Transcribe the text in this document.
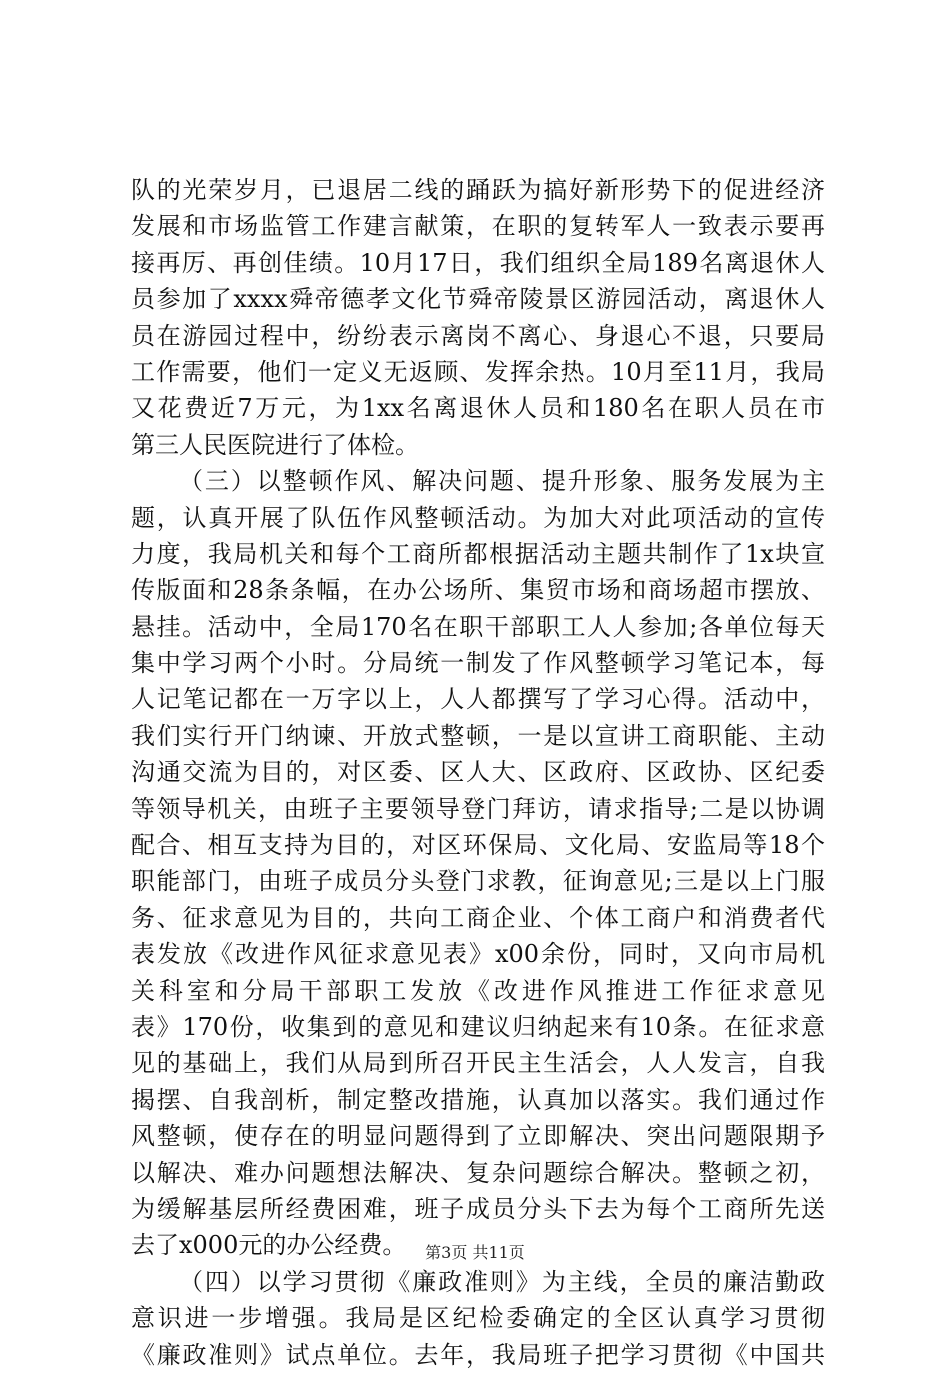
队的光荣岁月，已退居二线的踊跃为搞好新形势下的促进经济
发展和市场监管工作建言献策，在职的复转军人一致表示要再
接再厉、再创佳绩。10月17日，我们组织全局189名离退休人
员参加了xxxx舜帝德孝文化节舜帝陵景区游园活动，离退休人
员在游园过程中，纷纷表示离岗不离心、身退心不退，只要局
工作需要，他们一定义无返顾、发挥余热。10月至11月，我局
又花费近7万元，为1xx名离退休人员和180名在职人员在市
第三人民医院进行了体检。
（三）以整顿作风、解决问题、提升形象、服务发展为主
题，认真开展了队伍作风整顿活动。为加大对此项活动的宣传
力度，我局机关和每个工商所都根据活动主题共制作了1x块宣
传版面和28条条幅，在办公场所、集贸市场和商场超市摆放、
悬挂。活动中，全局170名在职干部职工人人参加;各单位每天
集中学习两个小时。分局统一制发了作风整顿学习笔记本，每
人记笔记都在一万字以上，人人都撰写了学习心得。活动中，
我们实行开门纳谏、开放式整顿，一是以宣讲工商职能、主动
沟通交流为目的，对区委、区人大、区政府、区政协、区纪委
等领导机关，由班子主要领导登门拜访，请求指导;二是以协调
配合、相互支持为目的，对区环保局、文化局、安监局等18个
职能部门，由班子成员分头登门求教，征询意见;三是以上门服
务、征求意见为目的，共向工商企业、个体工商户和消费者代
表发放《改进作风征求意见表》x00余份，同时，又向市局机
关科室和分局干部职工发放《改进作风推进工作征求意见
表》170份，收集到的意见和建议归纳起来有10条。在征求意
见的基础上，我们从局到所召开民主生活会，人人发言，自我
揭摆、自我剖析，制定整改措施，认真加以落实。我们通过作
风整顿，使存在的明显问题得到了立即解决、突出问题限期予
以解决、难办问题想法解决、复杂问题综合解决。整顿之初，
为缓解基层所经费困难，班子成员分头下去为每个工商所先送
去了x000元的办公经费。
（四）以学习贯彻《廉政准则》为主线，全员的廉洁勤政
意识进一步增强。我局是区纪检委确定的全区认真学习贯彻
《廉政准则》试点单位。去年，我局班子把学习贯彻《中国共
第3页 共11页
